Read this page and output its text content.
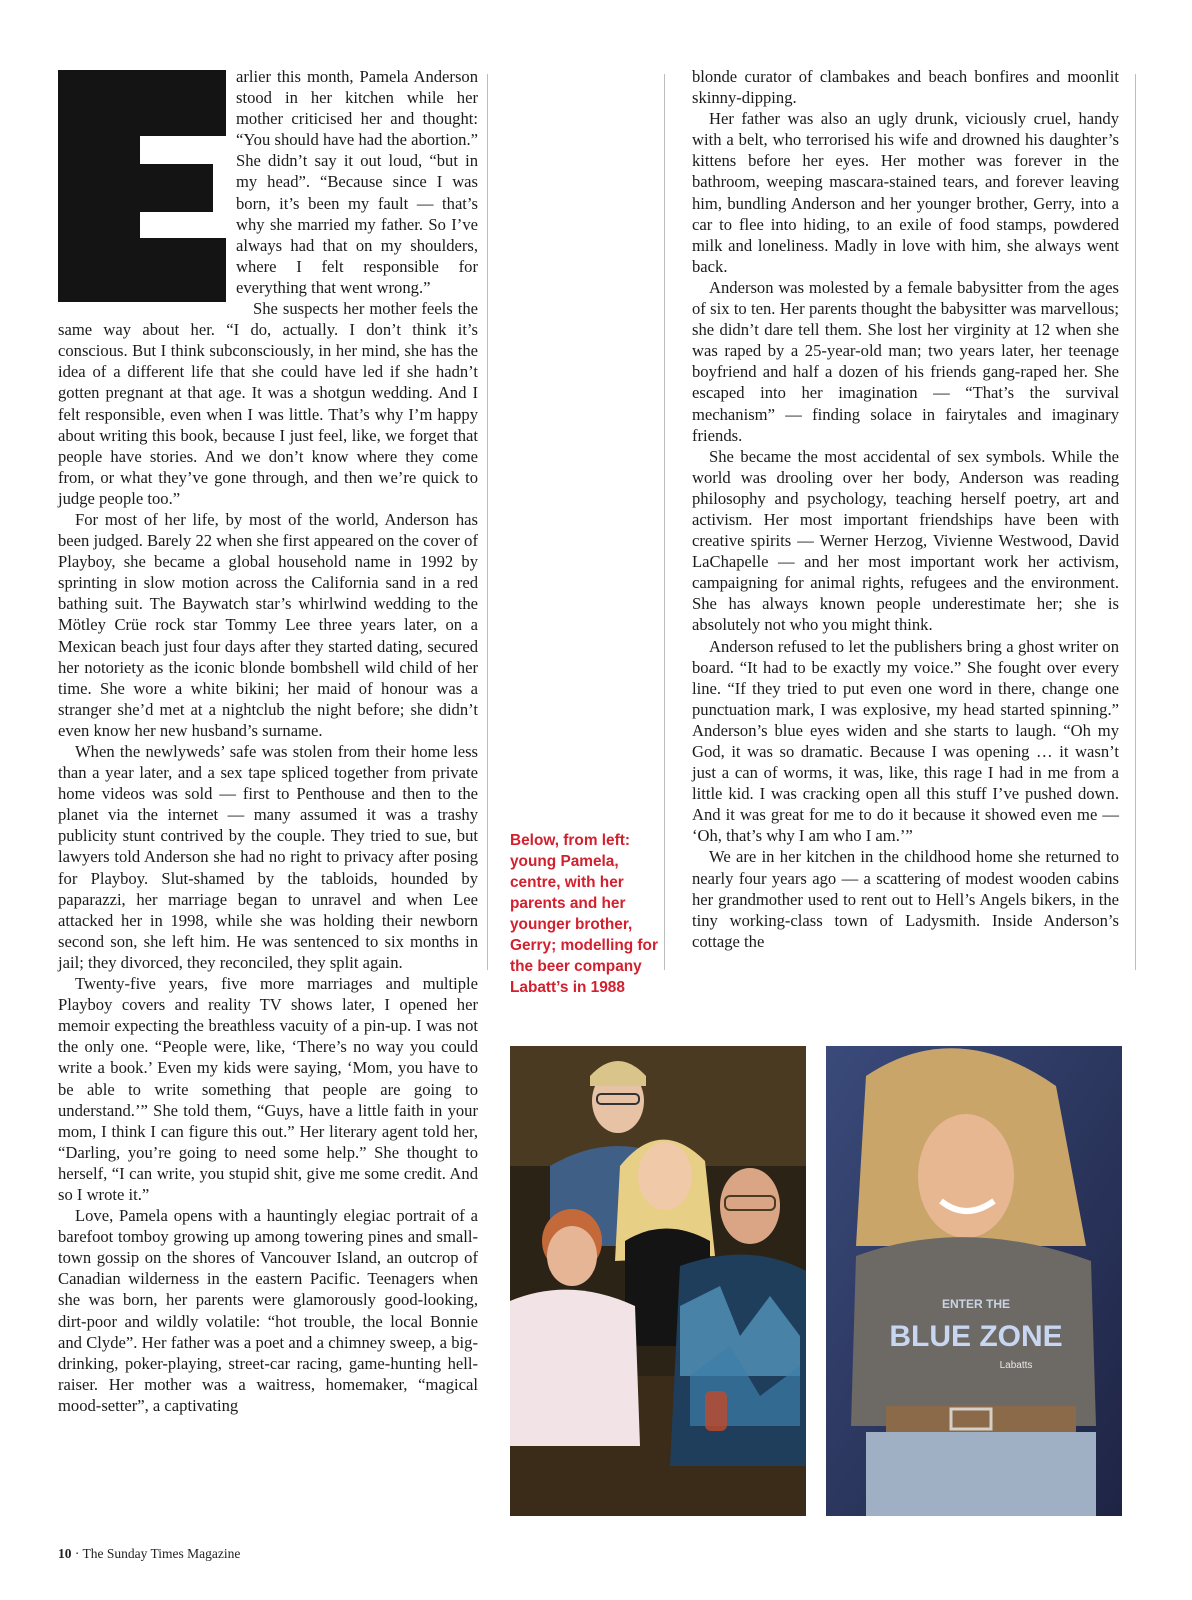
arlier this month, Pamela Anderson stood in her kitchen while her mother criticised her and thought: “You should have had the abortion.” She didn’t say it out loud, “but in my head”. “Because since I was born, it’s been my fault — that’s why she married my father. So I’ve always had that on my shoulders, where I felt responsible for everything that went wrong.”

She suspects her mother feels the same way about her. “I do, actually. I don’t think it’s conscious. But I think subconsciously, in her mind, she has the idea of a different life that she could have led if she hadn’t gotten pregnant at that age. It was a shotgun wedding. And I felt responsible, even when I was little. That’s why I’m happy about writing this book, because I just feel, like, we forget that people have stories. And we don’t know where they come from, or what they’ve gone through, and then we’re quick to judge people too.”

For most of her life, by most of the world, Anderson has been judged. Barely 22 when she first appeared on the cover of Playboy, she became a global household name in 1992 by sprinting in slow motion across the California sand in a red bathing suit. The Baywatch star’s whirlwind wedding to the Mötley Crüe rock star Tommy Lee three years later, on a Mexican beach just four days after they started dating, secured her notoriety as the iconic blonde bombshell wild child of her time. She wore a white bikini; her maid of honour was a stranger she’d met at a nightclub the night before; she didn’t even know her new husband’s surname.

When the newlyweds’ safe was stolen from their home less than a year later, and a sex tape spliced together from private home videos was sold — first to Penthouse and then to the planet via the internet — many assumed it was a trashy publicity stunt contrived by the couple. They tried to sue, but lawyers told Anderson she had no right to privacy after posing for Playboy. Slut-shamed by the tabloids, hounded by paparazzi, her marriage began to unravel and when Lee attacked her in 1998, while she was holding their newborn second son, she left him. He was sentenced to six months in jail; they divorced, they reconciled, they split again.

Twenty-five years, five more marriages and multiple Playboy covers and reality TV shows later, I opened her memoir expecting the breathless vacuity of a pin-up. I was not the only one. “People were, like, ‘There’s no way you could write a book.’ Even my kids were saying, ‘Mom, you have to be able to write something that people are going to understand.’” She told them, “Guys, have a little faith in your mom, I think I can figure this out.” Her literary agent told her, “Darling, you’re going to need some help.” She thought to herself, “I can write, you stupid shit, give me some credit. And so I wrote it.”

Love, Pamela opens with a hauntingly elegiac portrait of a barefoot tomboy growing up among towering pines and small-town gossip on the shores of Vancouver Island, an outcrop of Canadian wilderness in the eastern Pacific. Teenagers when she was born, her parents were glamorously good-looking, dirt-poor and wildly volatile: “hot trouble, the local Bonnie and Clyde”. Her father was a poet and a chimney sweep, a big-drinking, poker-playing, street-car racing, game-hunting hell-raiser. Her mother was a waitress, homemaker, “magical mood-setter”, a captivating

blonde curator of clambakes and beach bonfires and moonlit skinny-dipping.

Her father was also an ugly drunk, viciously cruel, handy with a belt, who terrorised his wife and drowned his daughter’s kittens before her eyes. Her mother was forever in the bathroom, weeping mascara-stained tears, and forever leaving him, bundling Anderson and her younger brother, Gerry, into a car to flee into hiding, to an exile of food stamps, powdered milk and loneliness. Madly in love with him, she always went back.

Anderson was molested by a female babysitter from the ages of six to ten. Her parents thought the babysitter was marvellous; she didn’t dare tell them. She lost her virginity at 12 when she was raped by a 25-year-old man; two years later, her teenage boyfriend and half a dozen of his friends gang-raped her. She escaped into her imagination — “That’s the survival mechanism” — finding solace in fairytales and imaginary friends.

She became the most accidental of sex symbols. While the world was drooling over her body, Anderson was reading philosophy and psychology, teaching herself poetry, art and activism. Her most important friendships have been with creative spirits — Werner Herzog, Vivienne Westwood, David LaChapelle — and her most important work her activism, campaigning for animal rights, refugees and the environment. She has always known people underestimate her; she is absolutely not who you might think.

Anderson refused to let the publishers bring a ghost writer on board. “It had to be exactly my voice.” She fought over every line. “If they tried to put even one word in there, change one punctuation mark, I was explosive, my head started spinning.” Anderson’s blue eyes widen and she starts to laugh. “Oh my God, it was so dramatic. Because I was opening … it wasn’t just a can of worms, it was, like, this rage I had in me from a little kid. I was cracking open all this stuff I’ve pushed down. And it was great for me to do it because it showed even me — ‘Oh, that’s why I am who I am.’”

We are in her kitchen in the childhood home she returned to nearly four years ago — a scattering of modest wooden cabins her grandmother used to rent out to Hell’s Angels bikers, in the tiny working-class town of Ladysmith. Inside Anderson’s cottage the

Below, from left: young Pamela, centre, with her parents and her younger brother, Gerry; modelling for the beer company Labatt’s in 1988

ENTER THE
BLUE ZONE
Labatts
10 · The Sunday Times Magazine
